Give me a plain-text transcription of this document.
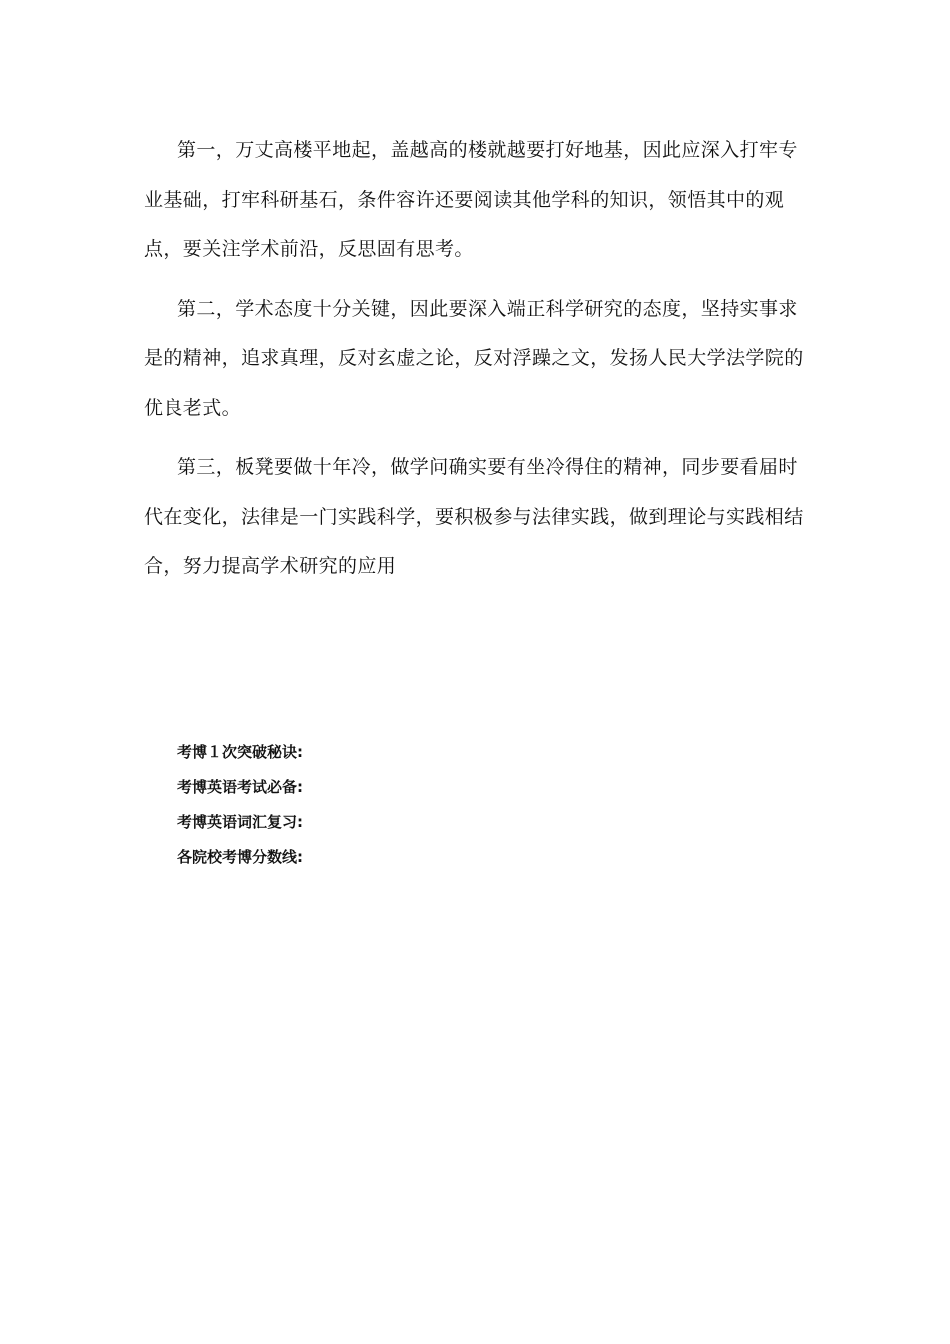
第一，万丈高楼平地起，盖越高的楼就越要打好地基，因此应深入打牢专业基础，打牢科研基石，条件容许还要阅读其他学科的知识，领悟其中的观点，要关注学术前沿，反思固有思考。

第二，学术态度十分关键，因此要深入端正科学研究的态度，坚持实事求是的精神，追求真理，反对玄虚之论，反对浮躁之文，发扬人民大学法学院的优良老式。

第三，板凳要做十年冷，做学问确实要有坐冷得住的精神，同步要看届时代在变化，法律是一门实践科学，要积极参与法律实践，做到理论与实践相结合，努力提高学术研究的应用

考博１次突破秘诀:
考博英语考试必备:
考博英语词汇复习:
各院校考博分数线:
